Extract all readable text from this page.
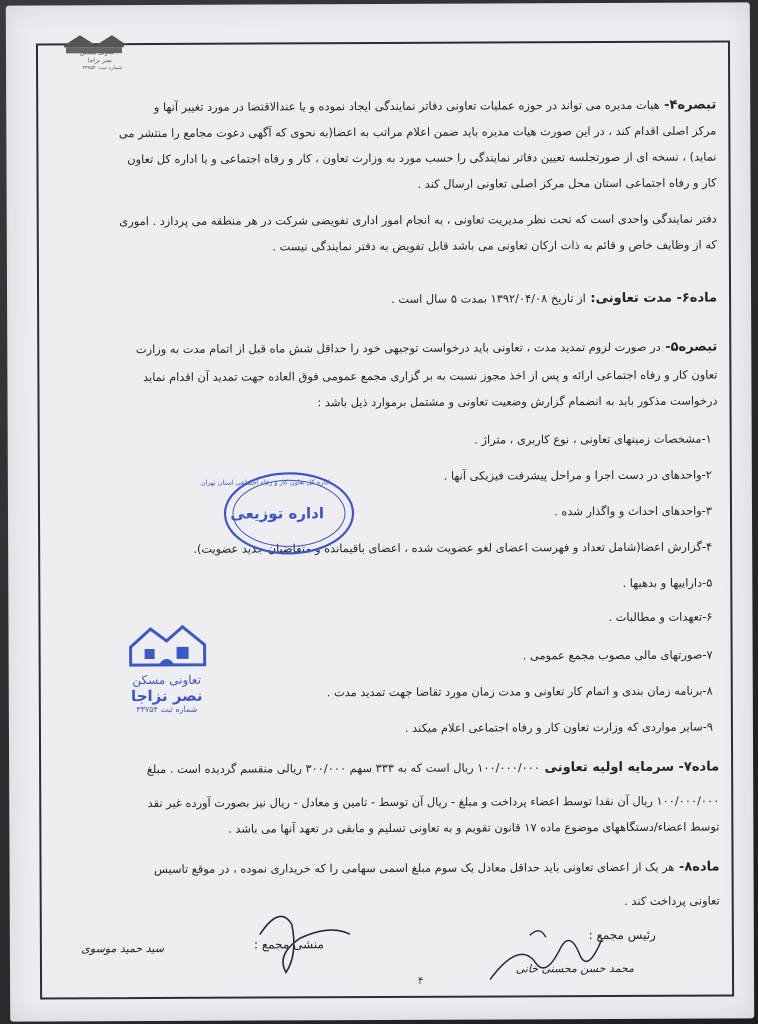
تعاونی مسکن
نصر نزاجا
شماره ثبت: ۳۳۷۵۴
تبصره۴- هیات مدیره می تواند در حوزه عملیات تعاونی دفاتر نمایندگی ایجاد نموده و یا عندالاقتضا در مورد تغییر آنها و
مرکز اصلی اقدام کند ، در این صورت هیات مدیره باید ضمن اعلام مراتب به اعضا(به نحوی که آگهی دعوت مجامع را منتشر می
نماید) ، نسخه ای از صورتجلسه تعیین دفاتر نمایندگی را حسب مورد به وزارت تعاون ، کار و رفاه اجتماعی و یا اداره کل تعاون
کار و رفاه اجتماعی استان محل مرکز اصلی تعاونی ارسال کند .
دفتر نمایندگی واحدی است که تحت نظر مدیریت تعاونی ، به انجام امور اداری تفویضی شرکت در هر منطقه می پردازد . اموری
که از وظایف خاص و قائم به ذات ارکان تعاونی می باشد قابل تفویض به دفتر نمایندگی نیست .
ماده۶- مدت تعاونی: از تاریخ ۱۳۹۲/۰۴/۰۸ بمدت ۵ سال است .
تبصره۵- در صورت لزوم تمدید مدت ، تعاونی باید درخواست توجیهی خود را حداقل شش ماه قبل از اتمام مدت به وزارت
تعاون کار و رفاه اجتماعی ارائه و پس از اخذ مجوز نسبت به بر گزاری مجمع عمومی فوق العاده جهت تمدید آن اقدام نماید
درخواست مذکور باید به انضمام گزارش وضعیت تعاونی و مشتمل برموارد ذیل باشد :
۱-مشخصات زمینهای تعاونی ، نوع کاربری ، متراژ .
۲-واحدهای در دست اجرا و مراحل پیشرفت فیزیکی آنها .
۳-واحدهای احداث و واگذار شده .
۴-گزارش اعضا(شامل تعداد و فهرست اعضای لغو عضویت شده ، اعضای باقیمانده و متقاضیان جدید عضویت).
۵-داراییها و بدهیها .
۶-تعهدات و مطالبات .
۷-صورتهای مالی مصوب مجمع عمومی .
۸-برنامه زمان بندی و اتمام کار تعاونی و مدت زمان مورد تقاضا جهت تمدید مدت .
۹-سایر مواردی که وزارت تعاون کار و رفاه اجتماعی اعلام میکند .
ماده۷- سرمایه اولیه تعاونی ۱۰۰/۰۰۰/۰۰۰ ریال است که به ۳۳۳ سهم ۳۰۰/۰۰۰ ریالی منقسم گردیده است . مبلغ
۱۰۰/۰۰۰/۰۰۰ ریال آن نقدا توسط اعضاء پرداخت و مبلغ - ریال آن توسط - تامین و معادل - ریال نیز بصورت آورده غیر نقد
توسط اعضاء/دستگاههای موضوع ماده ۱۷ قانون تقویم و به تعاونی تسلیم و مابقی در تعهد آنها می باشد .
ماده۸- هر یک از اعضای تعاونی باید حداقل معادل یک سوم مبلغ اسمی سهامی را که خریداری نموده ، در موقع تاسیس
تعاونی پرداخت کند .
اداره کل تعاون کار و رفاه اجتماعی استان تهران
اداره توزیعی
تعاونی مسکن
نصر نزاجا
شماره ثبت ۳۳۷۵۴
رئیس مجمع :
منشی مجمع :
سید حمید موسوی
محمد حسن محسنی خانی
۴
